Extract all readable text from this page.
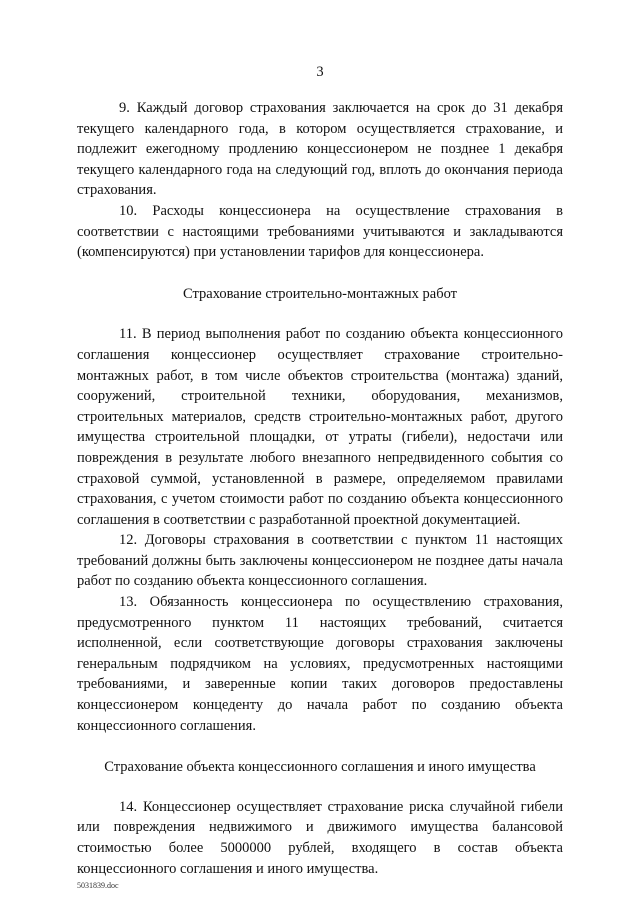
3

9. Каждый договор страхования заключается на срок до 31 декабря текущего календарного года, в котором осуществляется страхование, и подлежит ежегодному продлению концессионером не позднее 1 декабря текущего календарного года на следующий год, вплоть до окончания периода страхования.

10. Расходы концессионера на осуществление страхования в соответствии с настоящими требованиями учитываются и закладываются (компенсируются) при установлении тарифов для концессионера.

Страхование строительно-монтажных работ

11. В период выполнения работ по созданию объекта концессионного соглашения концессионер осуществляет страхование строительно-монтажных работ, в том числе объектов строительства (монтажа) зданий, сооружений, строительной техники, оборудования, механизмов, строительных материалов, средств строительно-монтажных работ, другого имущества строительной площадки, от утраты (гибели), недостачи или повреждения в результате любого внезапного непредвиденного события со страховой суммой, установленной в размере, определяемом правилами страхования, с учетом стоимости работ по созданию объекта концессионного соглашения в соответствии с разработанной проектной документацией.

12. Договоры страхования в соответствии с пунктом 11 настоящих требований должны быть заключены концессионером не позднее даты начала работ по созданию объекта концессионного соглашения.

13. Обязанность концессионера по осуществлению страхования, предусмотренного пунктом 11 настоящих требований, считается исполненной, если соответствующие договоры страхования заключены генеральным подрядчиком на условиях, предусмотренных настоящими требованиями, и заверенные копии таких договоров предоставлены концессионером концеденту до начала работ по созданию объекта концессионного соглашения.

Страхование объекта концессионного соглашения и иного имущества

14. Концессионер осуществляет страхование риска случайной гибели или повреждения недвижимого и движимого имущества балансовой стоимостью более 5000000 рублей, входящего в состав объекта концессионного соглашения и иного имущества.

5031839.doc
